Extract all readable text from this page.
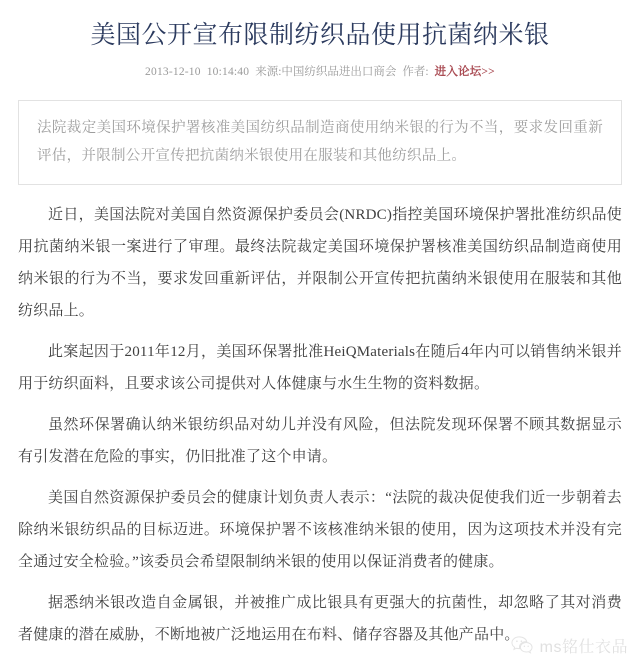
美国公开宣布限制纺织品使用抗菌纳米银
2013-12-10 10:14:40 来源:中国纺织品进出口商会 作者: 进入论坛>>

法院裁定美国环境保护署核准美国纺织品制造商使用纳米银的行为不当，要求发回重新评估，并限制公开宣传把抗菌纳米银使用在服装和其他纺织品上。

近日，美国法院对美国自然资源保护委员会(NRDC)指控美国环境保护署批准纺织品使用抗菌纳米银一案进行了审理。最终法院裁定美国环境保护署核准美国纺织品制造商使用纳米银的行为不当，要求发回重新评估，并限制公开宣传把抗菌纳米银使用在服装和其他纺织品上。

此案起因于2011年12月，美国环保署批准HeiQMaterials在随后4年内可以销售纳米银并用于纺织面料，且要求该公司提供对人体健康与水生生物的资料数据。

虽然环保署确认纳米银纺织品对幼儿并没有风险，但法院发现环保署不顾其数据显示有引发潜在危险的事实，仍旧批准了这个申请。

美国自然资源保护委员会的健康计划负责人表示：“法院的裁决促使我们近一步朝着去除纳米银纺织品的目标迈进。环境保护署不该核准纳米银的使用，因为这项技术并没有完全通过安全检验。”该委员会希望限制纳米银的使用以保证消费者的健康。

据悉纳米银改造自金属银，并被推广成比银具有更强大的抗菌性，却忽略了其对消费者健康的潜在威胁，不断地被广泛地运用在布料、储存容器及其他产品中。

ms铭仕衣品
